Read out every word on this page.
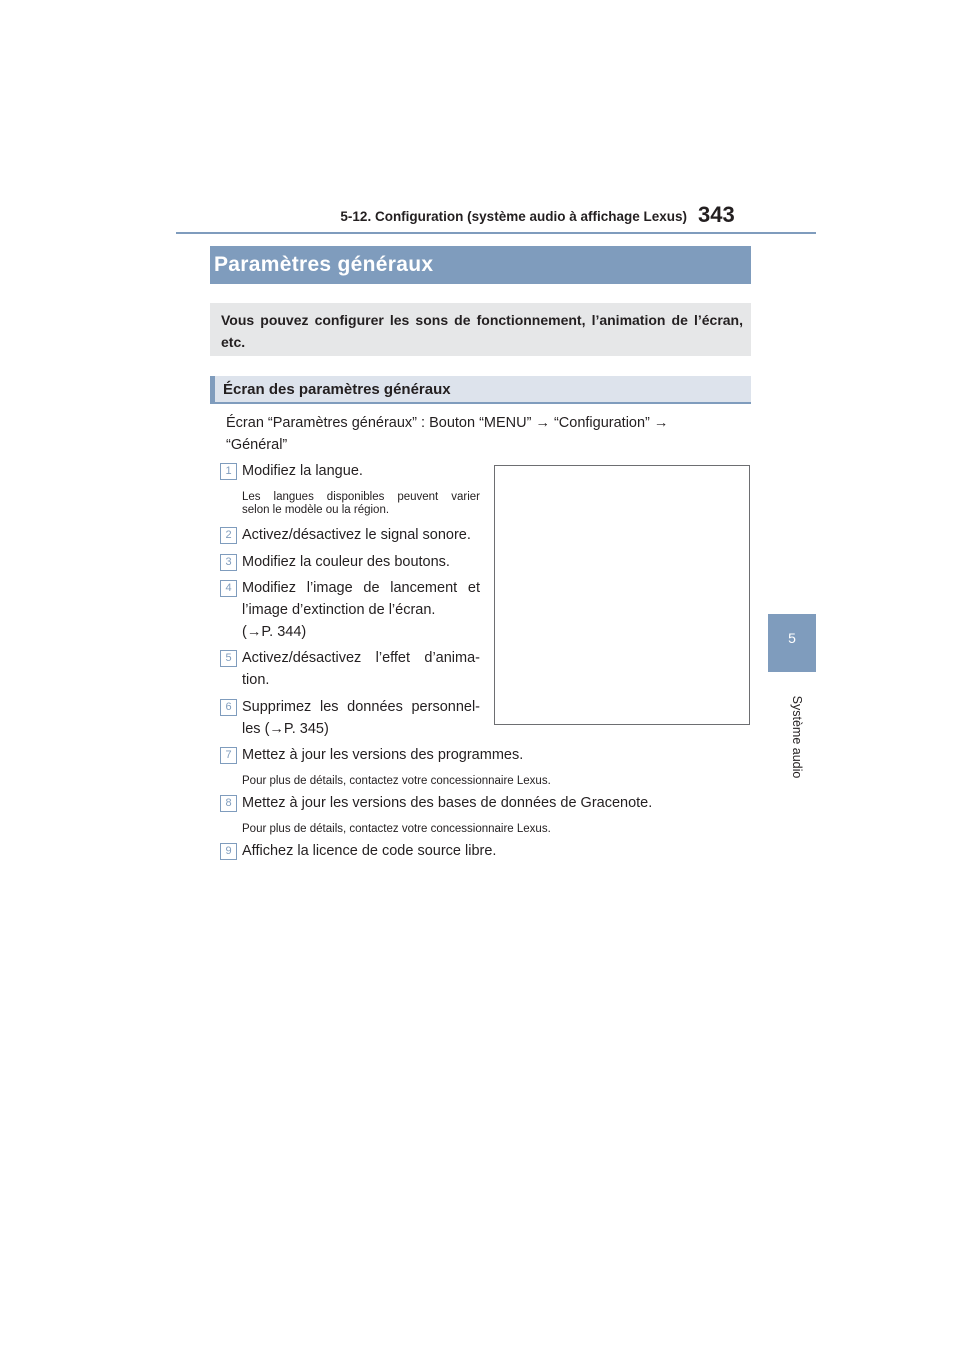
5-12. Configuration (système audio à affichage Lexus) 343
5
Système audio
Paramètres généraux
Vous pouvez configurer les sons de fonctionnement, l’animation de l’écran, etc.
Écran des paramètres généraux
Écran “Paramètres généraux” : Bouton “MENU” → “Configuration” →
“Général”
1 Modifiez la langue.
Les langues disponibles peuvent varier
selon le modèle ou la région.
2 Activez/désactivez le signal sonore.
3 Modifiez la couleur des boutons.
4 Modifiez l’image de lancement et
l’image d’extinction de l’écran.
(→P. 344)
5 Activez/désactivez l’effet d’anima-
tion.
6 Supprimez les données personnel-
les (→P. 345)
7 Mettez à jour les versions des programmes.
Pour plus de détails, contactez votre concessionnaire Lexus.
8 Mettez à jour les versions des bases de données de Gracenote.
Pour plus de détails, contactez votre concessionnaire Lexus.
9 Affichez la licence de code source libre.
